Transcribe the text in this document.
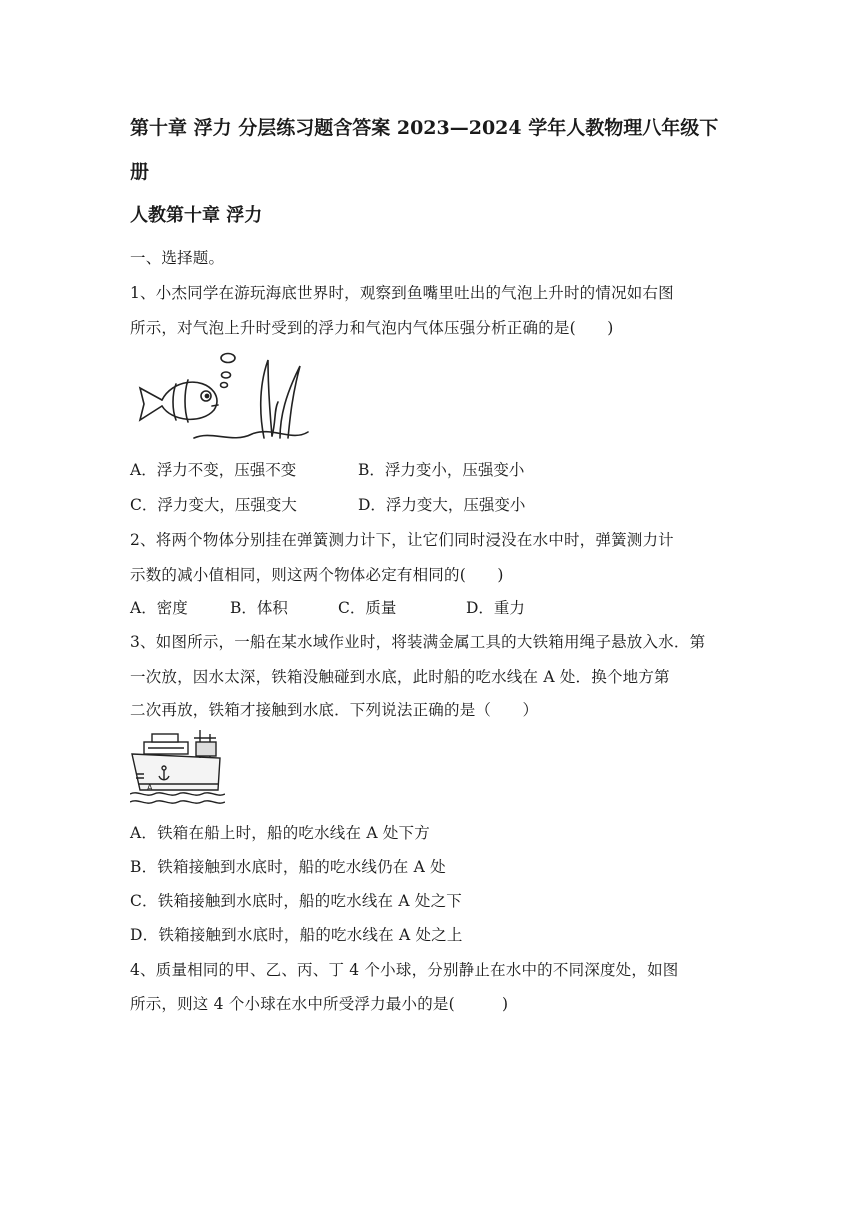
第十章 浮力 分层练习题含答案 2023—2024 学年人教物理八年级下
册
人教第十章 浮力
一、选择题。
1、小杰同学在游玩海底世界时，观察到鱼嘴里吐出的气泡上升时的情况如右图
所示，对气泡上升时受到的浮力和气泡内气体压强分析正确的是(　　)
A．浮力不变，压强不变	B．浮力变小，压强变小
C．浮力变大，压强变大	D．浮力变大，压强变小
2、将两个物体分别挂在弹簧测力计下，让它们同时浸没在水中时，弹簧测力计
示数的减小值相同，则这两个物体必定有相同的(　　)
A．密度	B．体积	C．质量	D．重力
3、如图所示，一船在某水域作业时，将装满金属工具的大铁箱用绳子悬放入水．第
一次放，因水太深，铁箱没触碰到水底，此时船的吃水线在 A 处．换个地方第
二次再放，铁箱才接触到水底．下列说法正确的是（　　）
A
A．铁箱在船上时，船的吃水线在 A 处下方
B．铁箱接触到水底时，船的吃水线仍在 A 处
C．铁箱接触到水底时，船的吃水线在 A 处之下
D．铁箱接触到水底时，船的吃水线在 A 处之上
4、质量相同的甲、乙、丙、丁 4 个小球，分别静止在水中的不同深度处，如图
所示，则这 4 个小球在水中所受浮力最小的是(　　　)
